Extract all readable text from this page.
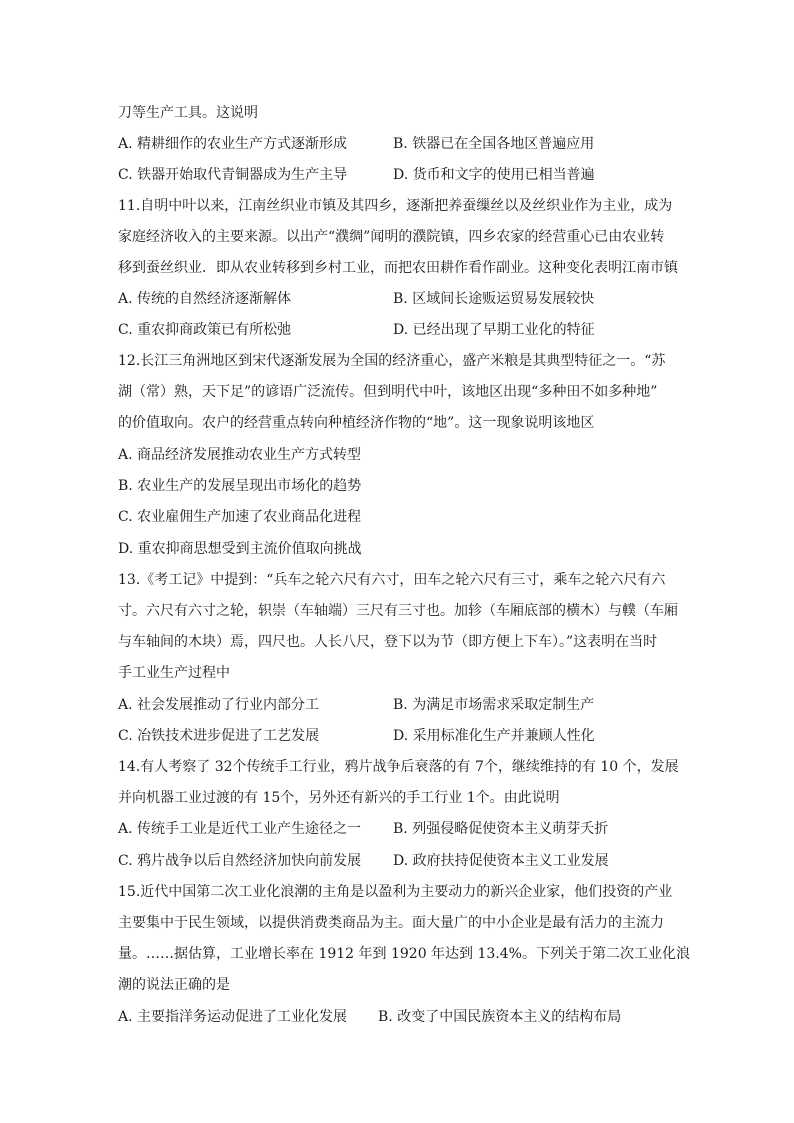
刀等生产工具。这说明
A. 精耕细作的农业生产方式逐渐形成	B. 铁器已在全国各地区普遍应用
C. 铁器开始取代青铜器成为生产主导	D. 货币和文字的使用已相当普遍
11.自明中叶以来，江南丝织业市镇及其四乡，逐渐把养蚕缫丝以及丝织业作为主业，成为
家庭经济收入的主要来源。以出产“濮绸”闻明的濮院镇，四乡农家的经营重心已由农业转
移到蚕丝织业．即从农业转移到乡村工业，而把农田耕作看作副业。这种变化表明江南市镇
A. 传统的自然经济逐渐解体	B. 区域间长途贩运贸易发展较快
C. 重农抑商政策已有所松弛	D. 已经出现了早期工业化的特征
12.长江三角洲地区到宋代逐渐发展为全国的经济重心，盛产米粮是其典型特征之一。“苏
湖（常）熟，天下足”的谚语广泛流传。但到明代中叶，该地区出现“多种田不如多种地”
的价值取向。农户的经营重点转向种植经济作物的“地”。这一现象说明该地区
A. 商品经济发展推动农业生产方式转型
B. 农业生产的发展呈现出市场化的趋势
C. 农业雇佣生产加速了农业商品化进程
D. 重农抑商思想受到主流价值取向挑战
13.《考工记》中提到：“兵车之轮六尺有六寸，田车之轮六尺有三寸，乘车之轮六尺有六
寸。六尺有六寸之轮，轵崇（车轴端）三尺有三寸也。加轸（车厢底部的横木）与轐（车厢
与车轴间的木块）焉，四尺也。人长八尺，登下以为节（即方便上下车）。”这表明在当时
手工业生产过程中
A. 社会发展推动了行业内部分工	B. 为满足市场需求采取定制生产
C. 冶铁技术进步促进了工艺发展	D. 采用标准化生产并兼顾人性化
14.有人考察了 32个传统手工行业，鸦片战争后衰落的有 7个，继续维持的有 10 个，发展
并向机器工业过渡的有 15个，另外还有新兴的手工行业 1个。由此说明
A. 传统手工业是近代工业产生途径之一 B. 列强侵略促使资本主义萌芽夭折
C. 鸦片战争以后自然经济加快向前发展 D. 政府扶持促使资本主义工业发展
15.近代中国第二次工业化浪潮的主角是以盈利为主要动力的新兴企业家，他们投资的产业
主要集中于民生领域，以提供消费类商品为主。面大量广的中小企业是最有活力的主流力
量。……据估算，工业增长率在 1912 年到 1920 年达到 13.4%。下列关于第二次工业化浪
潮的说法正确的是
A. 主要指洋务运动促进了工业化发展 B. 改变了中国民族资本主义的结构布局
